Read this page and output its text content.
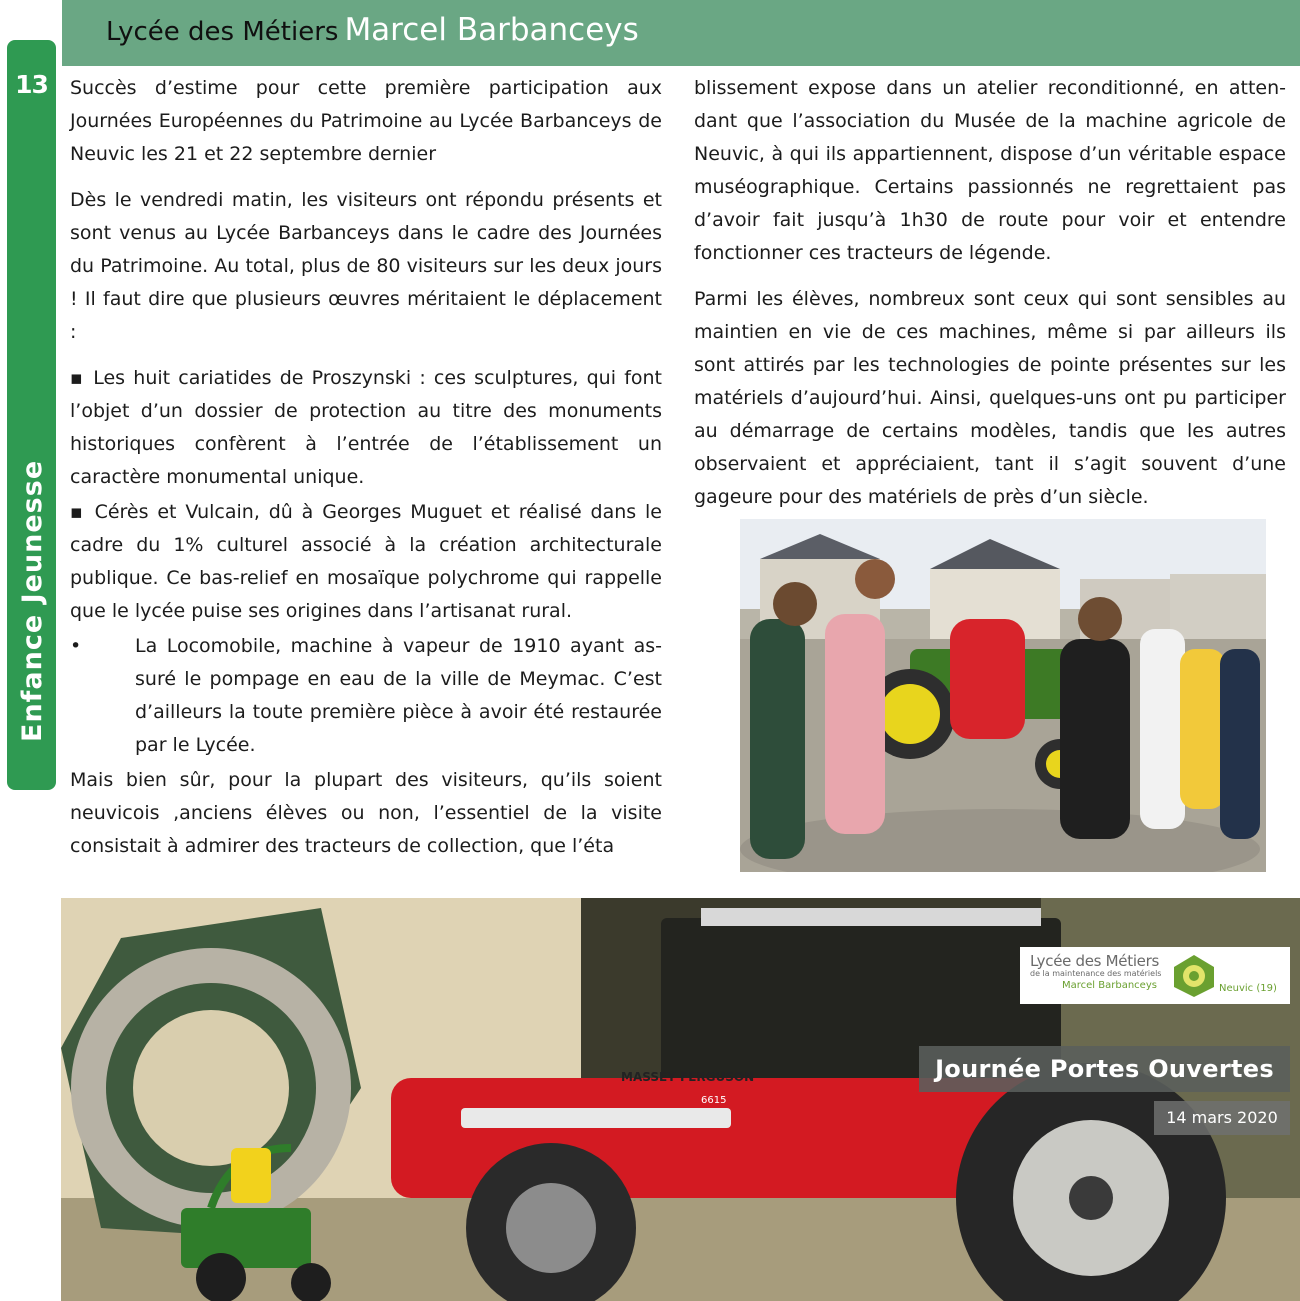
Lycée des Métiers Marcel Barbanceys
13
Enfance Jeunesse

Succès d’estime pour cette première participation aux Journées Européennes du Patrimoine au Lycée Barbanceys de Neuvic les 21 et 22 septembre dernier

Dès le vendredi matin, les visiteurs ont répondu présents et sont venus au Lycée Barbanceys dans le cadre des Journées du Patrimoine. Au total, plus de 80 visiteurs sur les deux jours ! Il faut dire que plusieurs œuvres méritaient le déplacement :

▪ Les huit cariatides de Proszynski : ces sculptures, qui font l’objet d’un dossier de protection au titre des monuments historiques confèrent à l’entrée de l’établissement un caractère monumental unique.

▪ Cérès et Vulcain, dû à Georges Muguet et réalisé dans le cadre du 1% culturel associé à la création architecturale publique. Ce bas-relief en mosaïque polychrome qui rappelle que le lycée puise ses origines dans l’artisanat rural.

•	La Locomobile, machine à vapeur de 1910 ayant assuré le pompage en eau de la ville de Meymac. C’est d’ailleurs la toute première pièce à avoir été restaurée par le Lycée.

Mais bien sûr, pour la plupart des visiteurs, qu’ils soient neuvicois ,anciens élèves ou non, l’essentiel de la visite consistait à admirer des tracteurs de collection, que l’éta

blissement expose dans un atelier reconditionné, en attendant que l’association du Musée de la machine agricole de Neuvic, à qui ils appartiennent, dispose d’un véritable espace muséographique. Certains passionnés ne regrettaient pas d’avoir fait jusqu’à 1h30 de route pour voir et entendre fonctionner ces tracteurs de légende.

Parmi les élèves, nombreux sont ceux qui sont sensibles au maintien en vie de ces machines, même si par ailleurs ils sont attirés par les technologies de pointe présentes sur les matériels d’aujourd’hui. Ainsi, quelques-uns ont pu participer au démarrage de certains modèles, tandis que les autres observaient et appréciaient, tant il s’agit souvent d’une gageure pour des matériels de près d’un siècle.

MASSEY FERGUSON
6615
Lycée des Métiers
de la maintenance des matériels
Marcel Barbanceys	Neuvic (19)
Journée Portes Ouvertes
14 mars 2020
